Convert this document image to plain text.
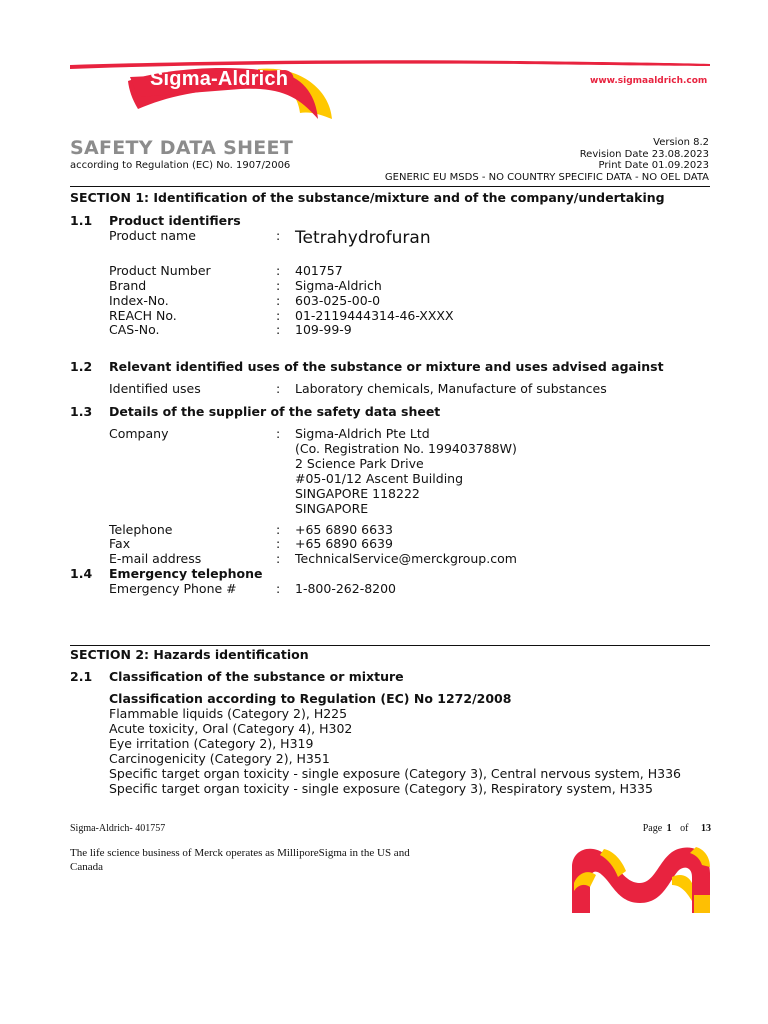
Sigma-Aldrich	www.sigmaaldrich.com
SAFETY DATA SHEET
according to Regulation (EC) No. 1907/2006
Version 8.2
Revision Date 23.08.2023
Print Date 01.09.2023
GENERIC EU MSDS - NO COUNTRY SPECIFIC DATA - NO OEL DATA
SECTION 1: Identification of the substance/mixture and of the company/undertaking
1.1 Product identifiers
Product name	: Tetrahydrofuran
Product Number	: 401757
Brand	: Sigma-Aldrich
Index-No.	: 603-025-00-0
REACH No.	: 01-2119444314-46-XXXX
CAS-No.	: 109-99-9
1.2 Relevant identified uses of the substance or mixture and uses advised against
Identified uses	: Laboratory chemicals, Manufacture of substances
1.3 Details of the supplier of the safety data sheet
Company	: Sigma-Aldrich Pte Ltd
(Co. Registration No. 199403788W)
2 Science Park Drive
#05-01/12 Ascent Building
SINGAPORE 118222
SINGAPORE
Telephone	: +65 6890 6633
Fax	: +65 6890 6639
E-mail address	: TechnicalService@merckgroup.com
1.4 Emergency telephone
Emergency Phone #	: 1-800-262-8200
SECTION 2: Hazards identification
2.1 Classification of the substance or mixture
Classification according to Regulation (EC) No 1272/2008
Flammable liquids (Category 2), H225
Acute toxicity, Oral (Category 4), H302
Eye irritation (Category 2), H319
Carcinogenicity (Category 2), H351
Specific target organ toxicity - single exposure (Category 3), Central nervous system, H336
Specific target organ toxicity - single exposure (Category 3), Respiratory system, H335
Sigma-Aldrich- 401757	Page 1 of 13
The life science business of Merck operates as MilliporeSigma in the US and Canada
